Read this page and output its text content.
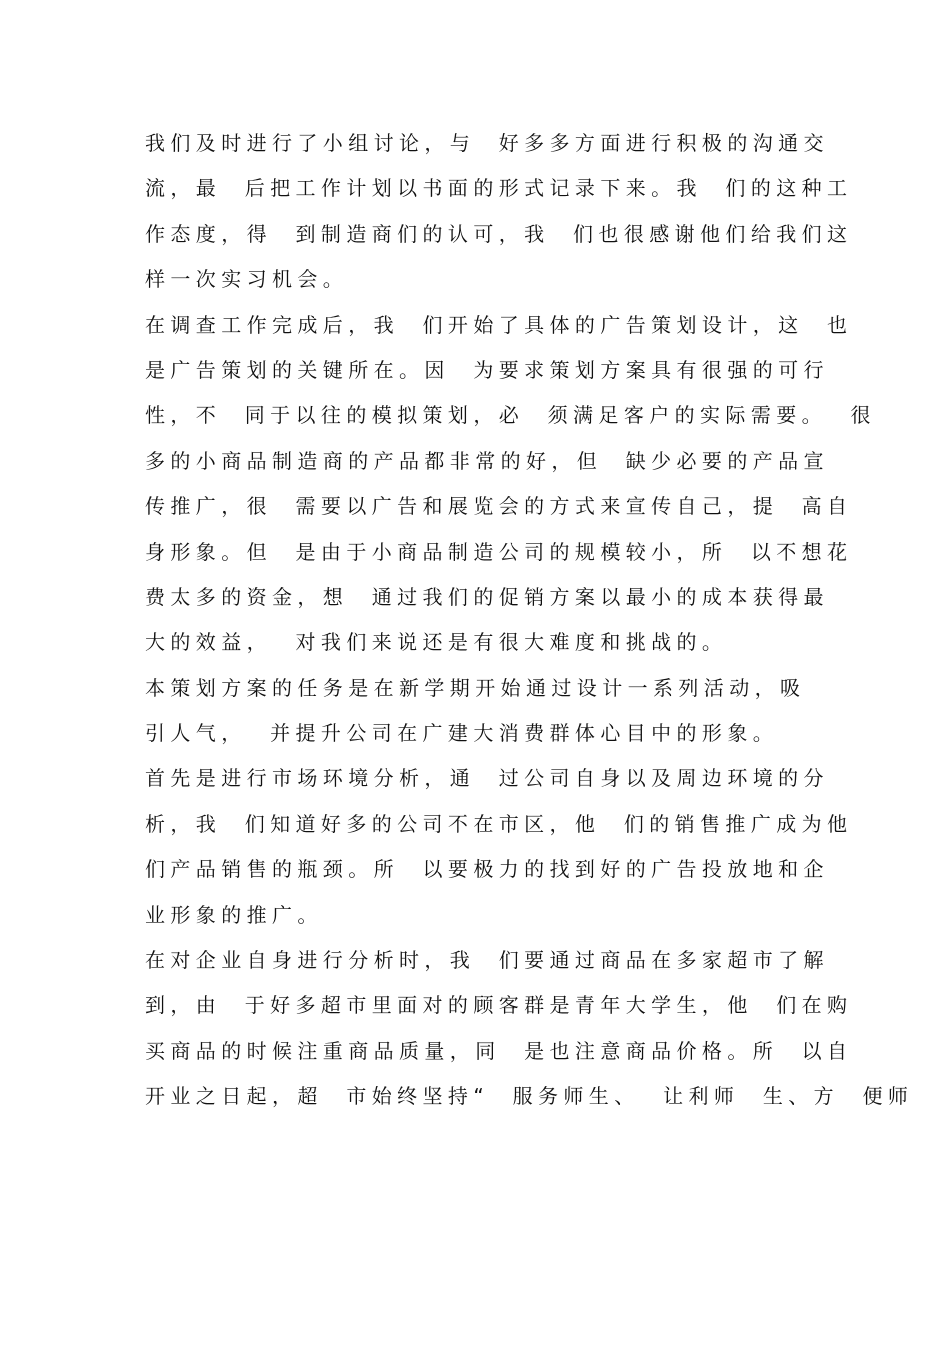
我们及时进行了小组讨论，与  好多多方面进行积极的沟通交
流，最  后把工作计划以书面的形式记录下来。我  们的这种工
作态度，得  到制造商们的认可，我  们也很感谢他们给我们这
样一次实习机会。
在调查工作完成后，我  们开始了具体的广告策划设计，这  也
是广告策划的关键所在。因  为要求策划方案具有很强的可行
性，不  同于以往的模拟策划，必  须满足客户的实际需要。  很
多的小商品制造商的产品都非常的好，但  缺少必要的产品宣
传推广，很  需要以广告和展览会的方式来宣传自己，提  高自
身形象。但  是由于小商品制造公司的规模较小，所  以不想花
费太多的资金，想  通过我们的促销方案以最小的成本获得最
大的效益，  对我们来说还是有很大难度和挑战的。
本策划方案的任务是在新学期开始通过设计一系列活动，吸
引人气，  并提升公司在广建大消费群体心目中的形象。
首先是进行市场环境分析，通  过公司自身以及周边环境的分
析，我  们知道好多的公司不在市区，他  们的销售推广成为他
们产品销售的瓶颈。所  以要极力的找到好的广告投放地和企
业形象的推广。
在对企业自身进行分析时，我  们要通过商品在多家超市了解
到，由  于好多超市里面对的顾客群是青年大学生，他  们在购
买商品的时候注重商品质量，同  是也注意商品价格。所  以自
开业之日起，超  市始终坚持“  服务师生、  让利师  生、方  便师
